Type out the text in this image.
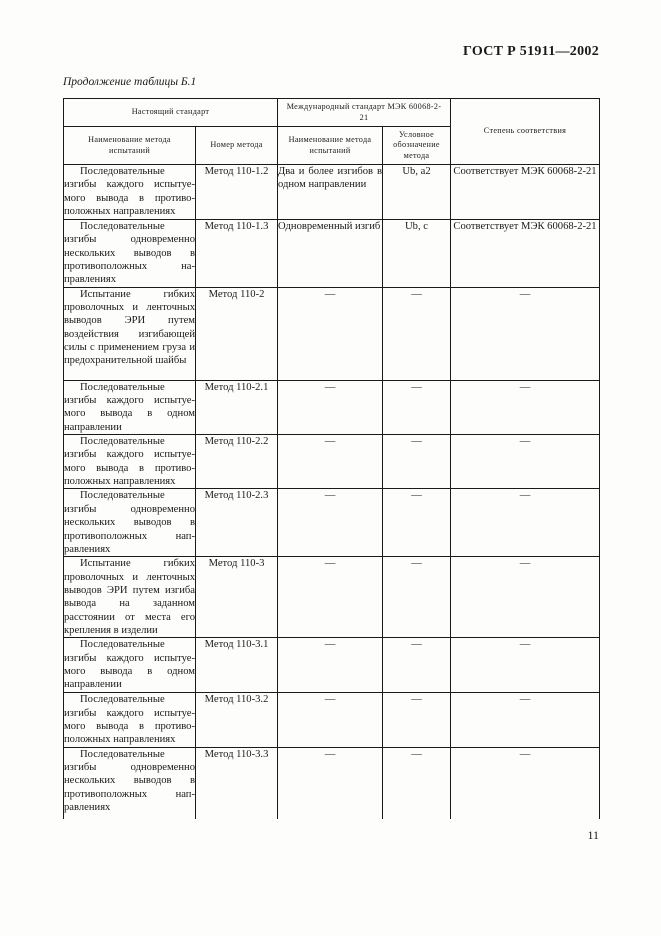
ГОСТ Р 51911—2002
Продолжение таблицы Б.1
Настоящий стандарт		Международный стандарт МЭК 60068-2-21		Степень соответствия
Наименование метода испытаний	Номер метода	Наименование метода испытаний	Условное обозначение метода	

Последовательные изгибы каждого испытуемого вывода в противоположных направлениях	Метод 110-1.2	Два и более изгибов в одном направлении	Ub, a2	Соответствует МЭК 60068-2-21

Последовательные изгибы одновременно нескольких выводов в противоположных направлениях	Метод 110-1.3	Одновременный изгиб	Ub, c	Соответствует МЭК 60068-2-21

Испытание гибких проволочных и ленточных выводов ЭРИ путем воздействия изгибающей силы с применением груза и предохранительной шайбы	Метод 110-2	—	—	—

Последовательные изгибы каждого испытуемого вывода в одном направлении	Метод 110-2.1	—	—	—

Последовательные изгибы каждого испытуемого вывода в противоположных направлениях	Метод 110-2.2	—	—	—

Последовательные изгибы одновременно нескольких выводов в противоположных направлениях	Метод 110-2.3	—	—	—

Испытание гибких проволочных и ленточных выводов ЭРИ путем изгиба вывода на заданном расстоянии от места его крепления в изделии	Метод 110-3	—	—	—

Последовательные изгибы каждого испытуемого вывода в одном направлении	Метод 110-3.1	—	—	—

Последовательные изгибы каждого испытуемого вывода в противоположных направлениях	Метод 110-3.2	—	—	—

Последовательные изгибы одновременно нескольких выводов в противоположных направлениях	Метод 110-3.3	—	—	—
11
